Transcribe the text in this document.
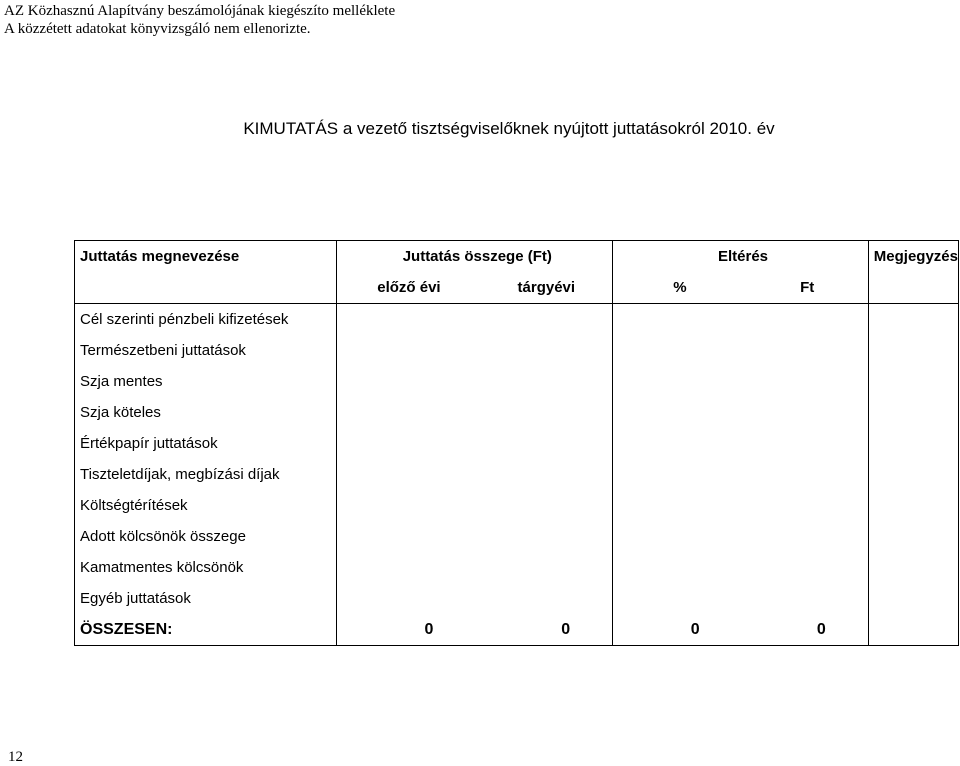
AZ Közhasznú Alapítvány beszámolójának kiegészíto melléklete
A közzétett adatokat könyvizsgáló nem ellenorizte.
KIMUTATÁS a vezető tisztségviselőknek nyújtott juttatásokról 2010. év
Juttatás megnevezése	Juttatás összege (Ft)		Eltérés		Megjegyzés
	előző évi	tárgyévi	%	Ft	
Cél szerinti pénzbeli kifizetések					
Természetbeni juttatások					
Szja mentes					
Szja köteles					
Értékpapír juttatások					
Tiszteletdíjak, megbízási díjak					
Költségtérítések					
Adott kölcsönök összege					
Kamatmentes kölcsönök					
Egyéb juttatások					
ÖSSZESEN:	0	0	0	0	
12
